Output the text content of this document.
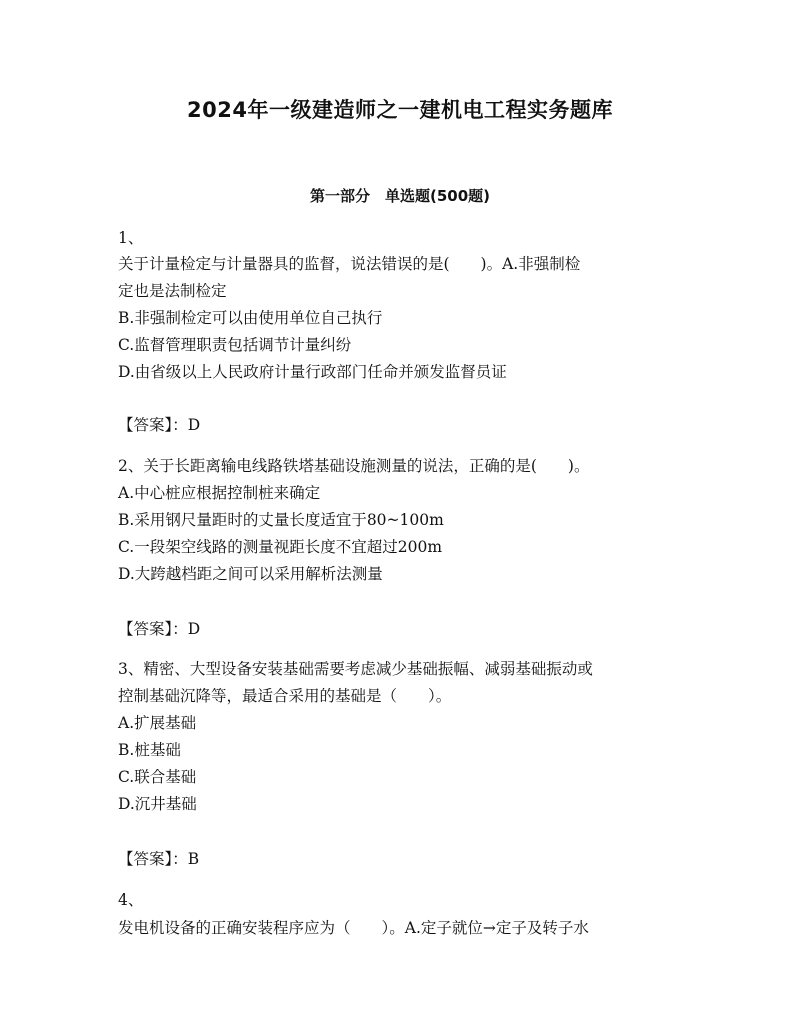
2024年一级建造师之一建机电工程实务题库
第一部分　单选题(500题)
1、
关于计量检定与计量器具的监督，说法错误的是(　　)。A.非强制检
定也是法制检定
B.非强制检定可以由使用单位自己执行
C.监督管理职责包括调节计量纠纷
D.由省级以上人民政府计量行政部门任命并颁发监督员证
【答案】：D
2、关于长距离输电线路铁塔基础设施测量的说法，正确的是(　　)。
A.中心桩应根据控制桩来确定
B.采用钢尺量距时的丈量长度适宜于80~100m
C.一段架空线路的测量视距长度不宜超过200m
D.大跨越档距之间可以采用解析法测量
【答案】：D
3、精密、大型设备安装基础需要考虑减少基础振幅、减弱基础振动或
控制基础沉降等，最适合采用的基础是（　　）。
A.扩展基础
B.桩基础
C.联合基础
D.沉井基础
【答案】：B
4、
发电机设备的正确安装程序应为（　　）。A.定子就位→定子及转子水
